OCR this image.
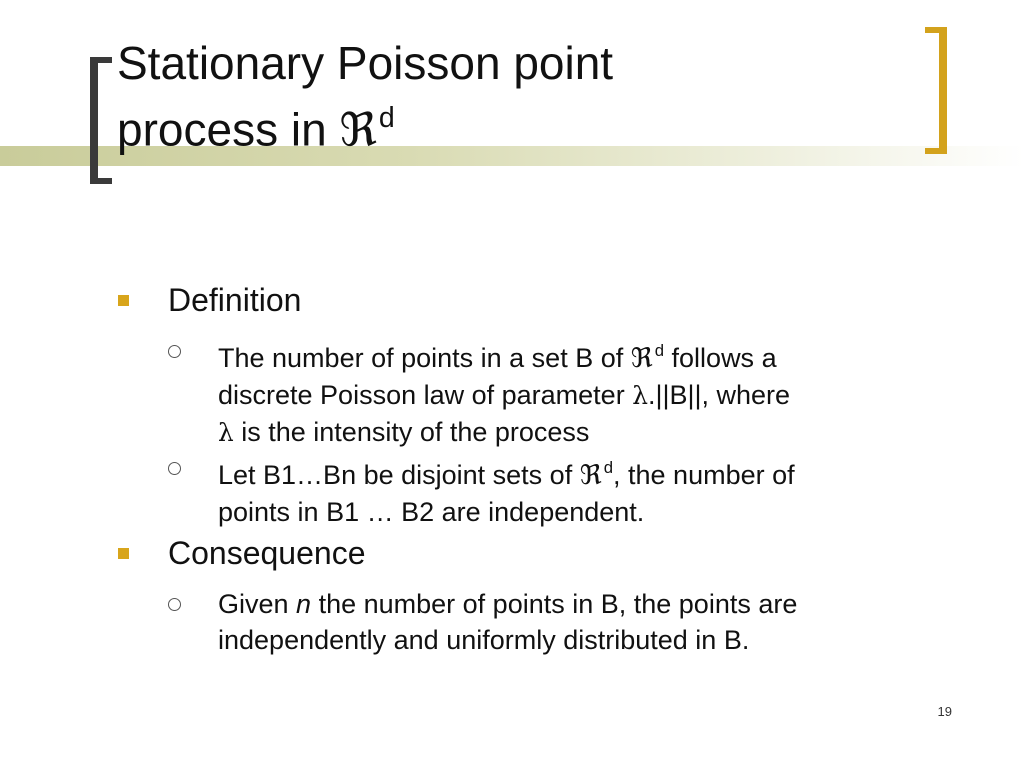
Stationary Poisson point
process in ℜ$^d$
Definition
The number of points in a set B of ℜ $^d$ follows a
discrete Poisson law of parameter λ.||B||, where
λ is the intensity of the process
Let B1…Bn be disjoint sets of ℜ $^d$, the number of
points in B1 … B2 are independent.
Consequence
Given n the number of points in B, the points are
independently and uniformly distributed in B.
19
